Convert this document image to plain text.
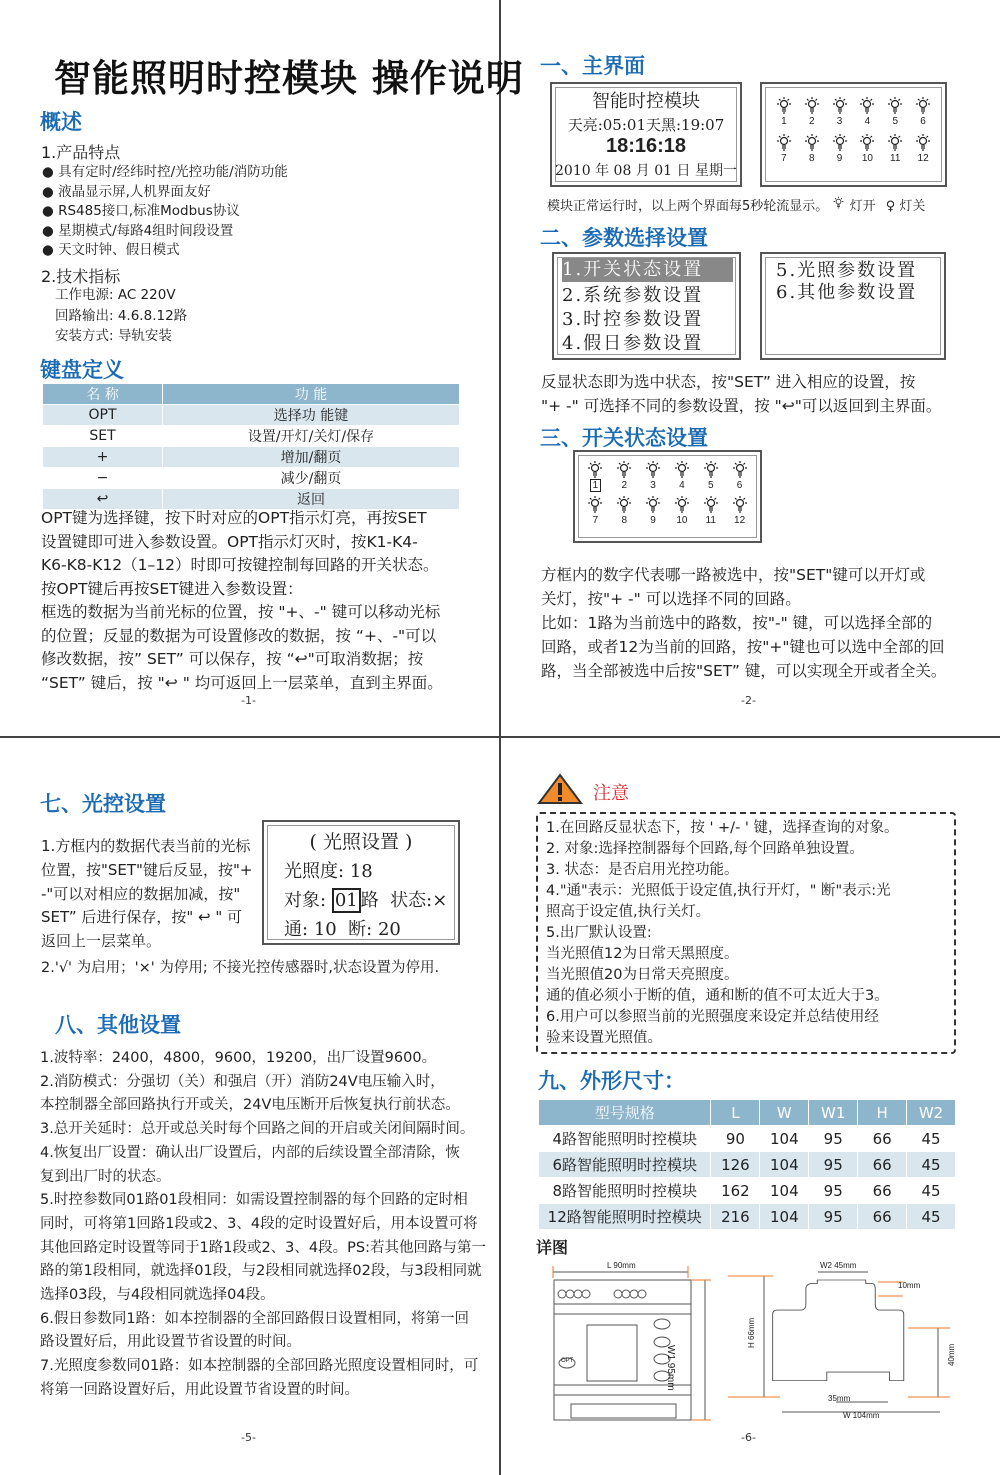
智能照明时控模块 操作说明
概述
1.产品特点
● 具有定时/经纬时控/光控功能/消防功能
● 液晶显示屏,人机界面友好
● RS485接口,标准Modbus协议
● 星期模式/每路4组时间段设置
● 天文时钟、假日模式
2.技术指标
工作电源: AC 220V
回路输出: 4.6.8.12路
安装方式: 导轨安装
键盘定义
名 称	功 能
OPT	选择功 能键
SET	设置/开灯/关灯/保存
+	增加/翻页
−	减少/翻页
↩	返回
OPT键为选择键，按下时对应的OPT指示灯亮，再按SET
设置键即可进入参数设置。OPT指示灯灭时，按K1-K4-
K6-K8-K12（1–12）时即可按键控制每回路的开关状态。
按OPT键后再按SET键进入参数设置：
框选的数据为当前光标的位置，按 "+、-" 键可以移动光标
的位置；反显的数据为可设置修改的数据，按 “+、-"可以
修改数据，按” SET” 可以保存，按 “↩"可取消数据；按
“SET” 键后，按 "↩ " 均可返回上一层菜单，直到主界面。
-1-
一、主界面
智能时控模块
天亮:05:01天黑:19:07
18:16:18
2010 年 08 月 01 日 星期一
1	2	3	4	5	6
7	8	9	10	11	12
模块正常运行时，以上两个界面每5秒轮流显示。 灯开 ♀ 灯关
二、参数选择设置
1.开关状态设置
2.系统参数设置
3.时控参数设置
4.假日参数设置
5.光照参数设置
6.其他参数设置
反显状态即为选中状态，按"SET” 进入相应的设置，按
"+ -" 可选择不同的参数设置，按 "↩"可以返回到主界面。
三、开关状态设置
1	2	3	4	5	6
7	8	9	10	11	12
方框内的数字代表哪一路被选中，按"SET"键可以开灯或
关灯，按"+ -" 可以选择不同的回路。
比如：1路为当前选中的路数，按"-" 键，可以选择全部的
回路，或者12为当前的回路，按"+"键也可以选中全部的回
路，当全部被选中后按"SET” 键，可以实现全开或者全关。
-2-
七、光控设置
1.方框内的数据代表当前的光标
位置，按"SET"键后反显，按"+
-"可以对相应的数据加减，按"
SET” 后进行保存，按" ↩ " 可
返回上一层菜单。
2.'√' 为启用；'×' 为停用; 不接光控传感器时,状态设置为停用.
( 光照设置 )
光照度: 18
对象: 01 路 状态:×
通: 10 断: 20
八、其他设置
1.波特率：2400，4800，9600，19200，出厂设置9600。
2.消防模式：分强切（关）和强启（开）消防24V电压输入时，
本控制器全部回路执行开或关，24V电压断开后恢复执行前状态。
3.总开关延时：总开或总关时每个回路之间的开启或关闭间隔时间。
4.恢复出厂设置：确认出厂设置后，内部的后续设置全部清除，恢
复到出厂时的状态。
5.时控参数同01路01段相同：如需设置控制器的每个回路的定时相
同时，可将第1回路1段或2、3、4段的定时设置好后，用本设置可将
其他回路定时设置等同于1路1段或2、3、4段。PS:若其他回路与第一
路的第1段相同，就选择01段，与2段相同就选择02段，与3段相同就
选择03段，与4段相同就选择04段。
6.假日参数同1路：如本控制器的全部回路假日设置相同，将第一回
路设置好后，用此设置节省设置的时间。
7.光照度参数同01路：如本控制器的全部回路光照度设置相同时，可
将第一回路设置好后，用此设置节省设置的时间。
-5-
注意
1.在回路反显状态下，按 ' +/- ' 键，选择查询的对象。
2. 对象:选择控制器每个回路,每个回路单独设置。
3. 状态：是否启用光控功能。
4."通"表示：光照低于设定值,执行开灯，" 断"表示:光
照高于设定值,执行关灯。
5.出厂默认设置:
当光照值12为日常天黑照度。
当光照值20为日常天亮照度。
通的值必须小于断的值，通和断的值不可太近大于3。
6.用户可以参照当前的光照强度来设定并总结使用经
验来设置光照值。
九、外形尺寸：
型号规格	L	W	W1	H	W2
4路智能照明时控模块	90	104	95	66	45
6路智能照明时控模块	126	104	95	66	45
8路智能照明时控模块	162	104	95	66	45
12路智能照明时控模块	216	104	95	66	45
详图
L 90mm
OPT	W1 95mm
W2 45mm
10mm
H 66mm
40mm
35mm
W 104mm
-6-
